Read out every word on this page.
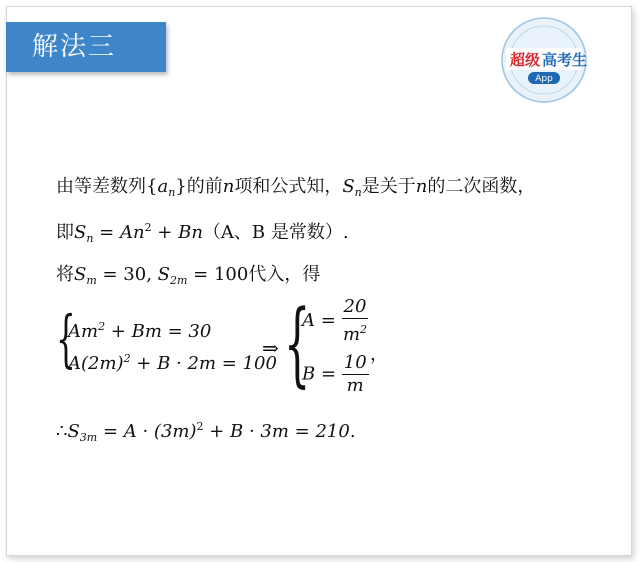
解法三	超级 高考生
App
由等差数列$\{a_n\}$的前n项和公式知，$S_n$是关于n的二次函数，
即$S_n = An^2 + Bn(A$、B 是常数）.
将$S_m = 30$, $S_{2m} = 100$代入，得
{
$Am^2 + Bm = 30$
$A(2m)^2 + B \cdot 2m = 100$
⇒ {
$A = \frac{20}{m^2}$
$B = \frac{10}{m}$ ，
$\therefore S_{3m} = A \cdot (3m)^2 + B \cdot 3m = 210$.
